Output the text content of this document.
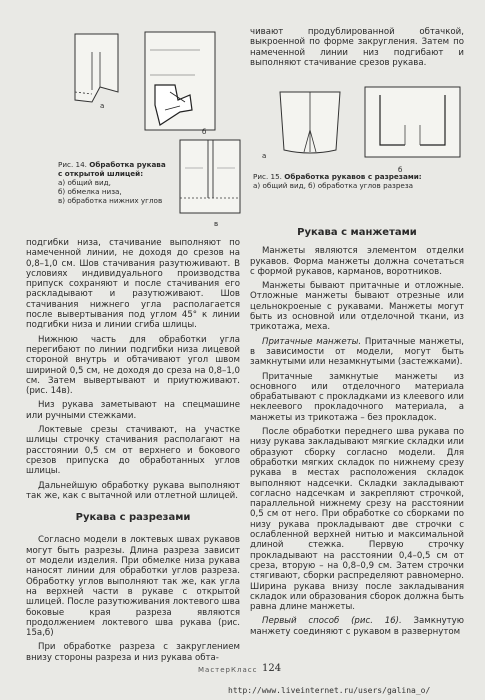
а
б
в
Рис. 14. Обработка рукава с открытой шлицей:
а) общий вид,
б) обмелка низа,
в) обработка нижних углов
а
б
Рис. 15. Обработка рукавов с разрезами:
а) общий вид, б) обработка углов разреза

подгибки низа, стачивание выполняют по намеченной линии, не доходя до срезов на 0,8–1,0 см. Шов стачивания разутюживают. В условиях индивидуального производства припуск сохраняют и после стачивания его раскладывают и разутюживают. Шов стачивания нижнего угла располагается после вывертывания под углом 45° к линии подгибки низа и линии сгиба шлицы.

Нижнюю часть для обработки угла перегибают по линии подгибки низа лицевой стороной внутрь и обтачивают угол швом шириной 0,5 см, не доходя до среза на 0,8–1,0 см. Затем вывертывают и приутюживают. (рис. 14в).

Низ рукава заметывают на спецмашине или ручными стежками.

Локтевые срезы стачивают, на участке шлицы строчку стачивания располагают на расстоянии 0,5 см от верхнего и бокового срезов припуска до обработанных углов шлицы.

Дальнейшую обработку рукава выполняют так же, как с вытачной или отлетной шлицей.

Рукава с разрезами

Согласно модели в локтевых швах рукавов могут быть разрезы. Длина разреза зависит от модели изделия. При обмелке низа рукава наносят линии для обработки углов разреза. Обработку углов выполняют так же, как угла на верхней части в рукаве с открытой шлицей. После разутюживания локтевого шва боковые края разреза являются продолжением локтевого шва рукава (рис. 15а,б)

При обработке разреза с закруглением внизу стороны разреза и низ рукава обта-

чивают продублированной обтачкой, выкроенной по форме закругления. Затем по намеченной линии низ подгибают и выполняют стачивание срезов рукава.

Рукава с манжетами

Манжеты являются элементом отделки рукавов. Форма манжеты должна сочетаться с формой рукавов, карманов, воротников.

Манжеты бывают притачные и отложные. Отложные манжеты бывают отрезные или цельнокроеные с рукавами. Манжеты могут быть из основной или отделочной ткани, из трикотажа, меха.

Притачные манжеты. Притачные манжеты, в зависимости от модели, могут быть замкнутыми или незамкнутыми (застежками).

Притачные замкнутые манжеты из основного или отделочного материала обрабатывают с прокладками из клеевого или неклеевого прокладочного материала, а манжеты из трикотажа – без прокладок.

После обработки переднего шва рукава по низу рукава закладывают мягкие складки или образуют сборку согласно модели. Для обработки мягких складок по нижнему срезу рукава в местах расположения складок выполняют надсечки. Складки закладывают согласно надсечкам и закрепляют строчкой, параллельной нижнему срезу на расстоянии 0,5 см от него. При обработке со сборками по низу рукава прокладывают две строчки с ослабленной верхней нитью и максимальной длиной стежка. Первую строчку прокладывают на расстоянии 0,4–0,5 см от среза, вторую – на 0,8–0,9 см. Затем строчки стягивают, сборки распределяют равномерно. Ширина рукава внизу после закладывания складок или образования сборок должна быть равна длине манжеты.

Первый способ (рис. 16). Замкнутую манжету соединяют с рукавом в развернутом

МастерКласс 124
http://www.liveinternet.ru/users/galina_o/
